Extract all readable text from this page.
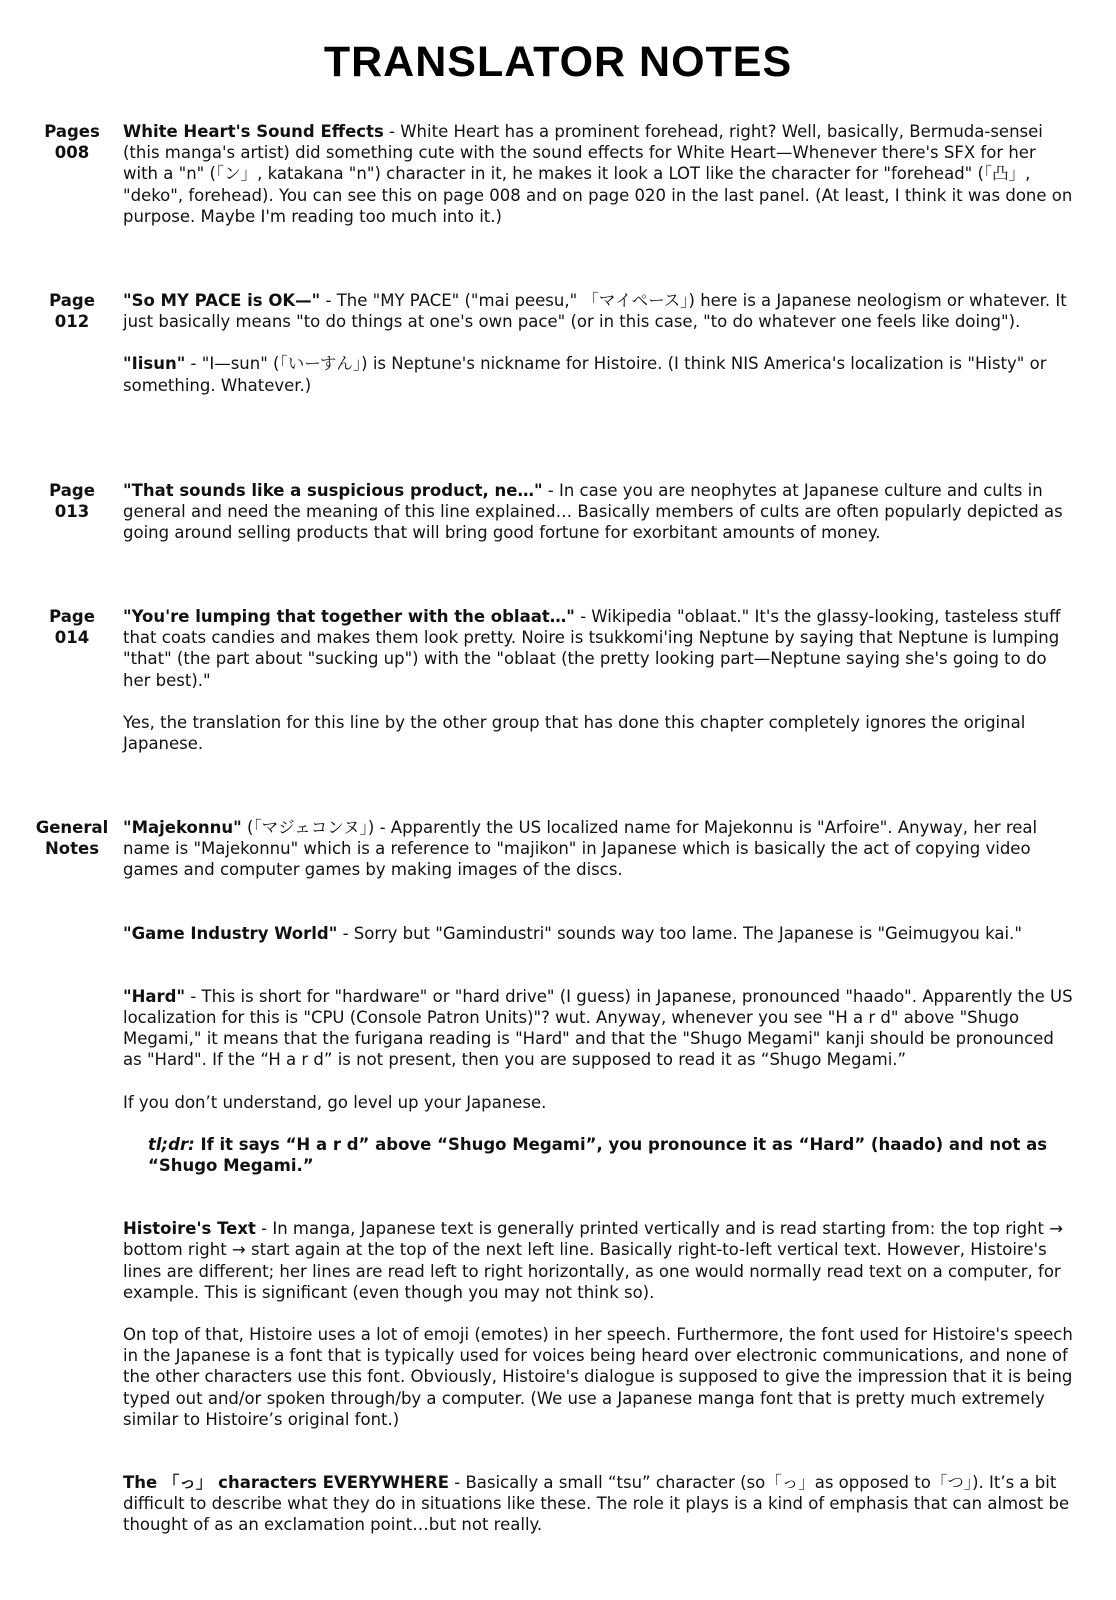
TRANSLATOR NOTES
Pages
008

White Heart's Sound Effects - White Heart has a prominent forehead, right? Well, basically, Bermuda-sensei (this manga's artist) did something cute with the sound effects for White Heart—Whenever there's SFX for her with a "n" (「ン」, katakana "n") character in it, he makes it look a LOT like the character for "forehead" (「凸」, "deko", forehead). You can see this on page 008 and on page 020 in the last panel. (At least, I think it was done on purpose. Maybe I'm reading too much into it.)

Page
012

"So MY PACE is OK—" - The "MY PACE" ("mai peesu," 「マイペース」) here is a Japanese neologism or whatever. It just basically means "to do things at one's own pace" (or in this case, "to do whatever one feels like doing").

"Iisun" - "I—sun" (「いーすん」) is Neptune's nickname for Histoire. (I think NIS America's localization is "Histy" or something. Whatever.)

Page
013

"That sounds like a suspicious product, ne…" - In case you are neophytes at Japanese culture and cults in general and need the meaning of this line explained… Basically members of cults are often popularly depicted as going around selling products that will bring good fortune for exorbitant amounts of money.

Page
014

"You're lumping that together with the oblaat…" - Wikipedia "oblaat." It's the glassy-looking, tasteless stuff that coats candies and makes them look pretty. Noire is tsukkomi'ing Neptune by saying that Neptune is lumping "that" (the part about "sucking up") with the "oblaat (the pretty looking part—Neptune saying she's going to do her best)."

Yes, the translation for this line by the other group that has done this chapter completely ignores the original Japanese.

General
Notes

"Majekonnu" (「マジェコンヌ」) - Apparently the US localized name for Majekonnu is "Arfoire". Anyway, her real name is "Majekonnu" which is a reference to "majikon" in Japanese which is basically the act of copying video games and computer games by making images of the discs.

"Game Industry World" - Sorry but "Gamindustri" sounds way too lame. The Japanese is "Geimugyou kai."

"Hard" - This is short for "hardware" or "hard drive" (I guess) in Japanese, pronounced "haado". Apparently the US localization for this is "CPU (Console Patron Units)"? wut. Anyway, whenever you see "H a r d" above "Shugo Megami," it means that the furigana reading is "Hard" and that the "Shugo Megami" kanji should be pronounced as "Hard". If the “H a r d” is not present, then you are supposed to read it as “Shugo Megami.”

If you don’t understand, go level up your Japanese.

tl;dr: If it says “H a r d” above “Shugo Megami”, you pronounce it as “Hard” (haado) and not as “Shugo Megami.”

Histoire's Text - In manga, Japanese text is generally printed vertically and is read starting from: the top right → bottom right → start again at the top of the next left line. Basically right-to-left vertical text. However, Histoire's lines are different; her lines are read left to right horizontally, as one would normally read text on a computer, for example. This is significant (even though you may not think so).

On top of that, Histoire uses a lot of emoji (emotes) in her speech. Furthermore, the font used for Histoire's speech in the Japanese is a font that is typically used for voices being heard over electronic communications, and none of the other characters use this font. Obviously, Histoire's dialogue is supposed to give the impression that it is being typed out and/or spoken through/by a computer. (We use a Japanese manga font that is pretty much extremely similar to Histoire’s original font.)

The 「っ」 characters EVERYWHERE - Basically a small “tsu” character (so「っ」as opposed to「つ」). It’s a bit difficult to describe what they do in situations like these. The role it plays is a kind of emphasis that can almost be thought of as an exclamation point…but not really.
